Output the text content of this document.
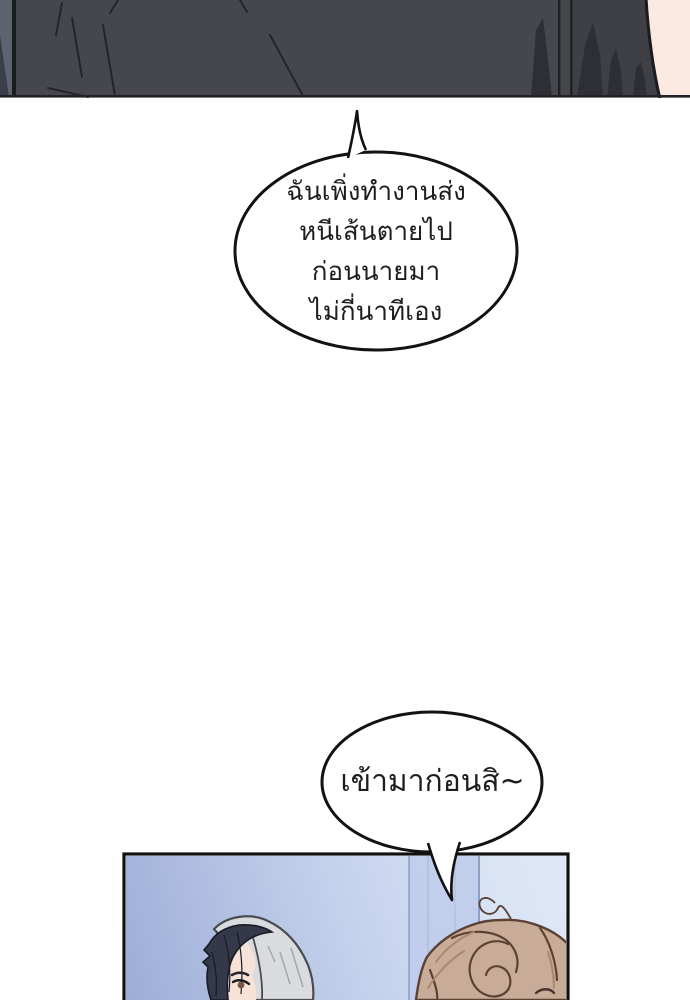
ฉันเพิ่งทำงานส่ง
หนีเส้นตายไป
ก่อนนายมา
ไม่กี่นาทีเอง
เข้ามาก่อนสิ~
